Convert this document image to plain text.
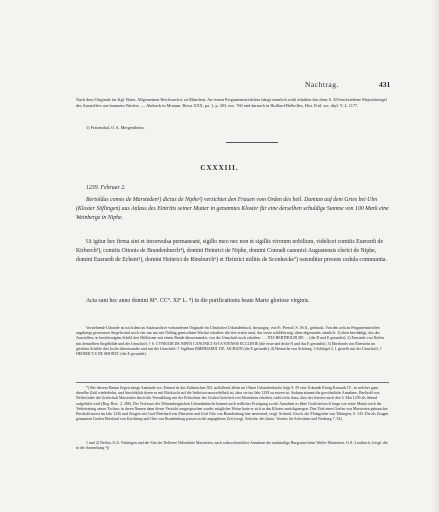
Nachtrag.	431
Nach dem Originale im Kgl. Baier. Allgemeinen Reichsarchiv zu München. An einem Pergamentstreifchen hängt ziemlich wohl erhalten das oben S. 38 beschriebene Majestätsiegel des Ausstellers aus braunem Wachse. — Abdruck in Monum. Boica XXX, pa. 1, p. 203, nro. 760 und darnach in Huillard-Bréholles, Hist. Frid. sec. dipl. V, 2, 1177.
1) Frauenthal, O.A. Mergentheim.
CXXXIII.
1239. Februar 2.
Bertoldus comes de Marsteden¹) dictus de Niphe²) verzichtet den Frauen vom Orden des heil. Damian auf dem Gries bei Ulm (Kloster Söflingen) aus Anlass des Eintritts seiner Mutter in genanntes Kloster für eine derselben schuldige Summe von 100 Mark eine Weinberge in Niphe.
Ut igitur hec firma sint et inconvulsa permaneant, sigillo meo nec non et sigillis virorum nobilium, videlicet comitis Euerardi de Kirberch³), comitis Ottonis de Brandenburch⁴), domini Heinrici de Niphe, domini Conradi canonici Augustensis clerici de Niphe, domini Euerardi de Echem⁵), domini Heinrici de Rinsburch⁶) et Heinrici militis de Sconhecke⁷) ostenditur presens cedula communita.
Acta sunt hec anno domini M°. CC°. XI° L. ⁸) in die purificationis beate Marie gloriose virginis.
Vorstehende Urkunde ist nach dem im Staatsarchive vorhandenen Originale im Ulmischen Urkundenbuch, herausgeg. von Fr. Pressel, S. 56 ff., gedruckt. Von den acht an Pergamentstreifen angehängt gewesenen Siegeln sind noch vier nur aus mit Nehhig gemischtem Wachse erhalten: die drei ersten rund, das vierte schildförmig, oben abgerundet, nämlich: 1) oben beschädigt, das des Ausstellers; in herzförmigem Schild drei Hifthörner mit einem Bande überzeinander, von der Umschrift noch erhalten: . . . ITIS BERTHOLDI DE. . . (die D und E gerundet); 2) Eneraeds von Neifen mit demselben Siegelbilde und der Umschrift: † S. CVNRADI DE NIFEN CANONICI AVGVSTENSIS ECCLESIE (die erste und dritte N und das E gerundet); 3) Eberhards von Eberstein im gleichen Schilde drei Joche übereinander und mit der Umschrift: † Sigillum EBERHARDI. DE. AICHAIN (die E gerundet); 4) Heinriche von Schöneg: 3 Schlegel 2, 1 gestellt mit der Umschrift: † HEINRICVS DE SHONEC (die E gerundet).
*) Bei diesem Datum liegen einige Anstände vor. Einmal ist das Zahlzeichen XII. auffallend, allein im Ulmer Urkundenbuche folgt S. 59 eine Urkunde König Konrads IV., in welcher ganz dieselbe Zahl wiederkehrt, und hinsichtlich deren es mit Rücksicht auf die Indiction unzweifelhaft ist, dass sie ins Jahr 1239 zu setzen ist. Sodann stimmt die gewöhnliche Annahme, Berthold von Neifen habe die Grafschaft Marstetten durch die Vermählung mit der Erbtochter des Grafen Gottfried von Marstetten erhalten, nicht recht dazu, dass der letztere noch den 5. Mai 1239 als lebend aufgeführt wird (Reg. Boic. 2, 286). Der Verfasser des Wirtembergischen Urkundenbuchs kommt nach reiflicher Erwägung zu der Annahme es lebte Gottfried noch lange wie seine Mutter nach der Verheiratung seiner Tochter, in deren Namen dann dieser Verzicht ausgesprochen wurde; möglicher Weise hatte er sich in das Kloster zurückgezogen. Den Titel eines Grafen von Marstetten gebrauchte Berthold zuerst im Jahr 1236 und Zeugen wie Graf Eberhard von Eberstein und Graf Otto von Brandenburg hier anwesend, vergl. Schmid, Gesch. der Pfalzgrafen von Tübingen, S. 143. Die als Zeugen genannten Grafen Eberhard von Kirchberg und Otto von Brandenburg passen in die angegebene Zeit (vergl. Zeitschr. des histor. Vereins für Schwaben und Neuburg 7, 54).
1 und 2) Neifen, O.A. Nürtingen und der Sitz der Nellener Nebenlinie Marstetten, nach wahrscheinlicher Annahme die nachmalige Burgruine beim Weiler Marstetten, O.A. Leutkirch, (vergl. die in der Anmerkung ⁸))
